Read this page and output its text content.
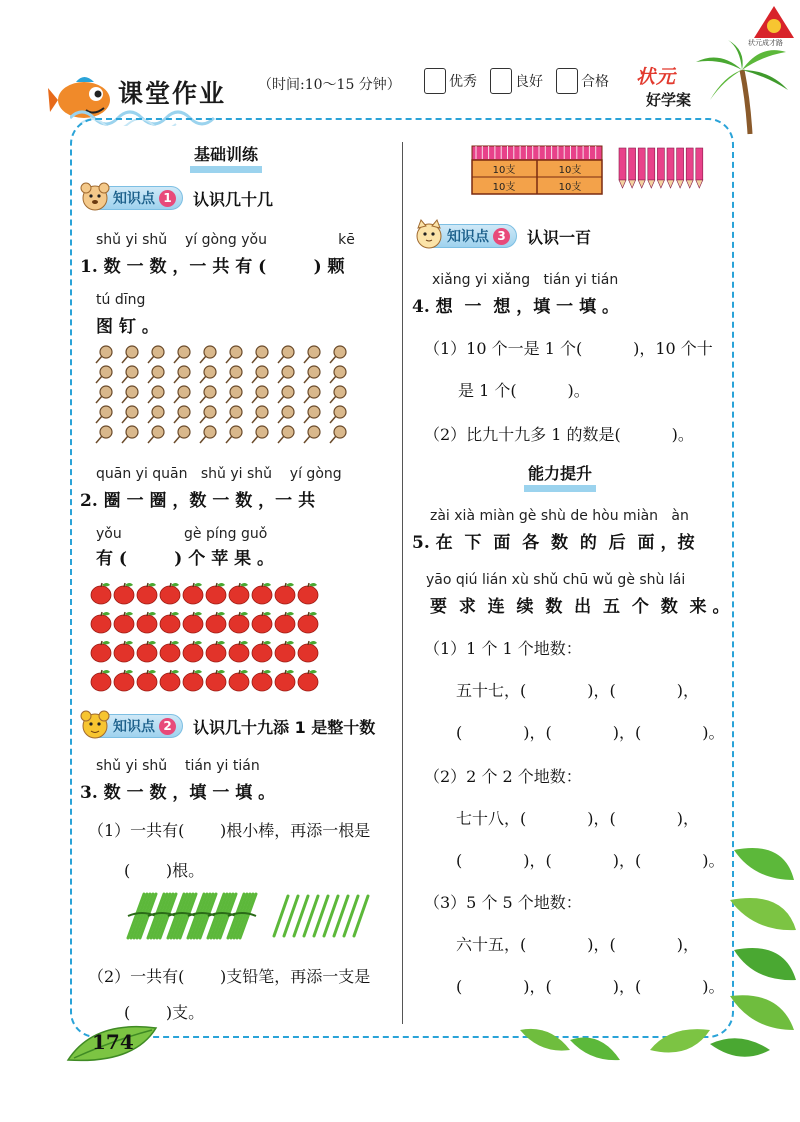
课堂作业 （时间:10～15 分钟）	优秀	良好	合格 状元
好学案
状元成才路
基础训练
知识点 1 认识几十几
shǔ yi shǔ    yí gòng yǒu                kē
1. 数 一 数 ，一 共 有 (        ) 颗
tú dīng
图 钉 。
quān yi quān   shǔ yi shǔ    yí gòng
2. 圈 一 圈 ，数 一 数 ，一 共
yǒu              gè píng guǒ
有 (        ) 个 苹 果 。
知识点 2 认识几十九添 1 是整十数
shǔ yi shǔ    tián yi tián
3. 数 一 数 ，填 一 填 。
（1）一共有(       )根小棒，再添一根是
(       )根。
（2）一共有(       )支铅笔，再添一支是
(       )支。
10支	10支
10支	10支
知识点 3 认识一百
xiǎng yi xiǎng   tián yi tián
4. 想  一  想 ，填 一 填 。
（1）10 个一是 1 个(          )，10 个十
是 1 个(          )。
（2）比九十九多 1 的数是(          )。
能力提升
zài xià miàn gè shù de hòu miàn   àn
5. 在  下  面  各  数  的  后  面 ，按
yāo qiú lián xù shǔ chū wǔ gè shù lái
要  求  连  续  数  出  五  个  数  来 。
（1）1 个 1 个地数：
五十七，(            )，(            )，
(            )，(            )，(            )。
（2）2 个 2 个地数：
七十八，(            )，(            )，
(            )，(            )，(            )。
（3）5 个 5 个地数：
六十五，(            )，(            )，
(            )，(            )，(            )。
174
